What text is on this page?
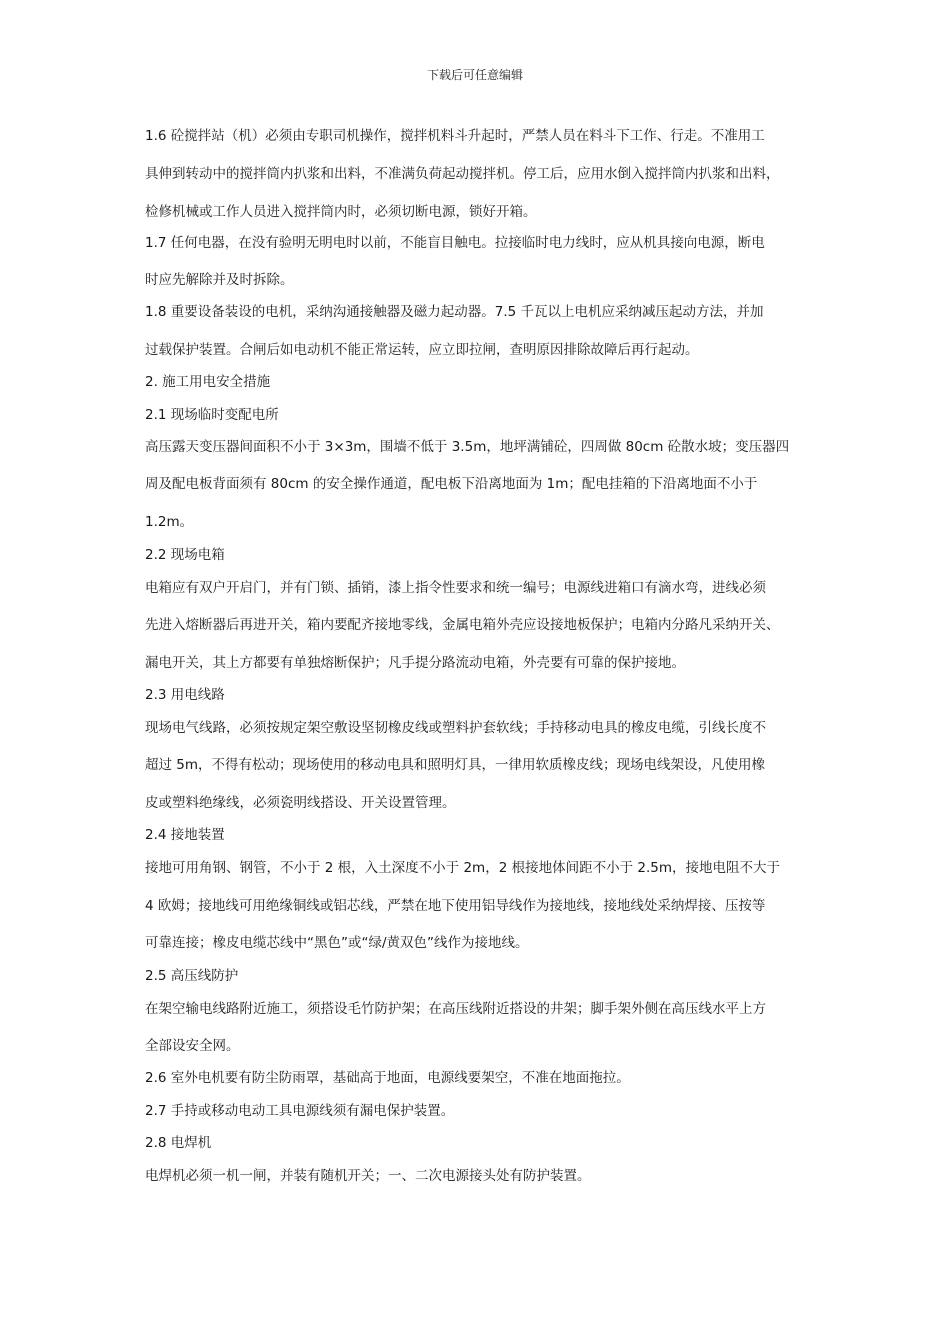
下载后可任意编辑
1.6 砼搅拌站（机）必须由专职司机操作，搅拌机料斗升起时，严禁人员在料斗下工作、行走。不准用工
具伸到转动中的搅拌筒内扒浆和出料，不准满负荷起动搅拌机。停工后，应用水倒入搅拌筒内扒浆和出料，
检修机械或工作人员进入搅拌筒内时，必须切断电源，锁好开箱。
1.7 任何电器，在没有验明无明电时以前，不能盲目触电。拉接临时电力线时，应从机具接向电源，断电
时应先解除并及时拆除。
1.8 重要设备装设的电机，采纳沟通接触器及磁力起动器。7.5 千瓦以上电机应采纳减压起动方法，并加
过载保护装置。合闸后如电动机不能正常运转，应立即拉闸，查明原因排除故障后再行起动。
2. 施工用电安全措施
2.1 现场临时变配电所
高压露天变压器间面积不小于 3×3m，围墙不低于 3.5m，地坪满铺砼，四周做 80cm 砼散水坡；变压器四
周及配电板背面须有 80cm 的安全操作通道，配电板下沿离地面为 1m；配电挂箱的下沿离地面不小于
1.2m。
2.2 现场电箱
电箱应有双户开启门，并有门锁、插销，漆上指令性要求和统一编号；电源线进箱口有滴水弯，进线必须
先进入熔断器后再进开关，箱内要配齐接地零线，金属电箱外壳应设接地板保护；电箱内分路凡采纳开关、
漏电开关，其上方都要有单独熔断保护；凡手提分路流动电箱，外壳要有可靠的保护接地。
2.3 用电线路
现场电气线路，必须按规定架空敷设坚韧橡皮线或塑料护套软线；手持移动电具的橡皮电缆，引线长度不
超过 5m，不得有松动；现场使用的移动电具和照明灯具，一律用软质橡皮线；现场电线架设，凡使用橡
皮或塑料绝缘线，必须瓷明线搭设、开关设置管理。
2.4 接地装置
接地可用角钢、钢管，不小于 2 根，入土深度不小于 2m，2 根接地体间距不小于 2.5m，接地电阻不大于
4 欧姆；接地线可用绝缘铜线或铝芯线，严禁在地下使用铝导线作为接地线，接地线处采纳焊接、压按等
可靠连接；橡皮电缆芯线中“黑色”或“绿/黄双色”线作为接地线。
2.5 高压线防护
在架空输电线路附近施工，须搭设毛竹防护架；在高压线附近搭设的井架；脚手架外侧在高压线水平上方
全部设安全网。
2.6 室外电机要有防尘防雨罩，基础高于地面，电源线要架空，不准在地面拖拉。
2.7 手持或移动电动工具电源线须有漏电保护装置。
2.8 电焊机
电焊机必须一机一闸，并装有随机开关；一、二次电源接头处有防护装置。
